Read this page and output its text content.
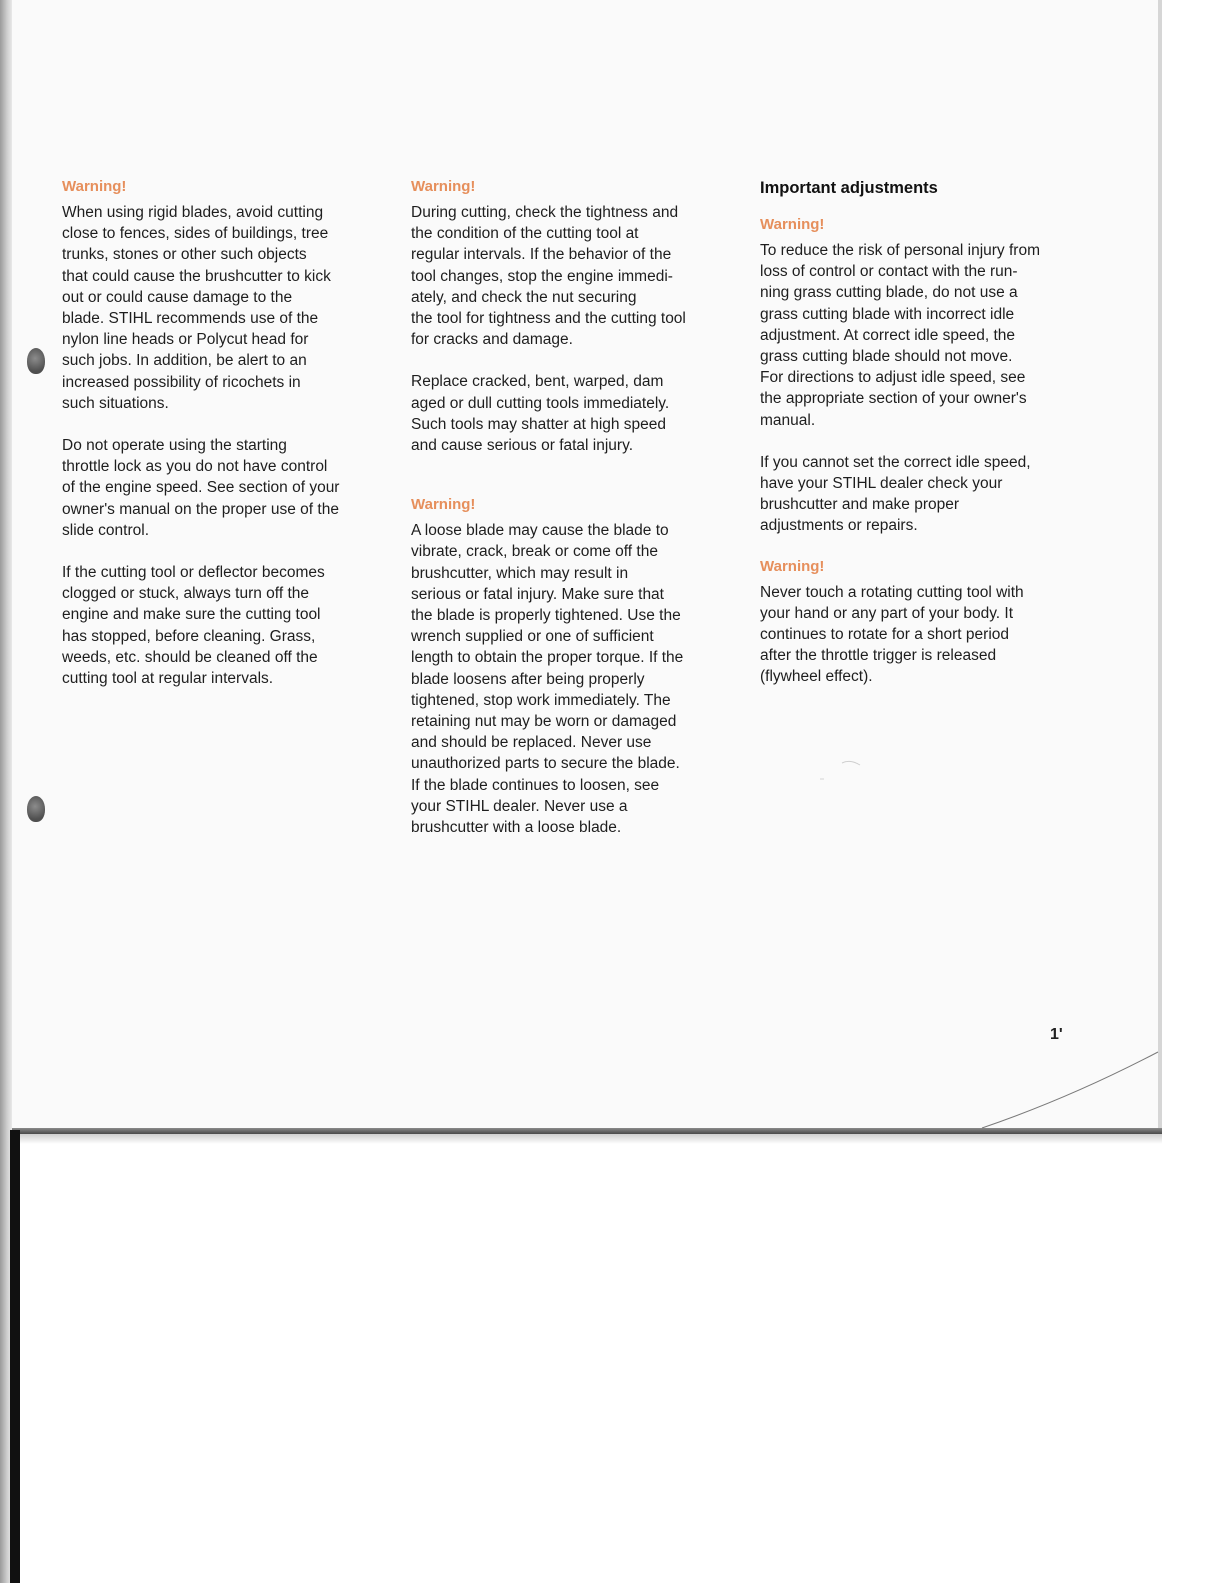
Warning!

When using rigid blades, avoid cutting
close to fences, sides of buildings, tree
trunks, stones or other such objects
that could cause the brushcutter to kick
out or could cause damage to the
blade. STIHL recommends use of the
nylon line heads or Polycut head for
such jobs. In addition, be alert to an
increased possibility of ricochets in
such situations.

Do not operate using the starting
throttle lock as you do not have control
of the engine speed. See section of your
owner's manual on the proper use of the
slide control.

If the cutting tool or deflector becomes
clogged or stuck, always turn off the
engine and make sure the cutting tool
has stopped, before cleaning. Grass,
weeds, etc. should be cleaned off the
cutting tool at regular intervals.

Warning!

During cutting, check the tightness and
the condition of the cutting tool at
regular intervals. If the behavior of the
tool changes, stop the engine immedi-
ately, and check the nut securing
the tool for tightness and the cutting tool
for cracks and damage.

Replace cracked, bent, warped, dam
aged or dull cutting tools immediately.
Such tools may shatter at high speed
and cause serious or fatal injury.

Warning!

A loose blade may cause the blade to
vibrate, crack, break or come off the
brushcutter, which may result in
serious or fatal injury. Make sure that
the blade is properly tightened. Use the
wrench supplied or one of sufficient
length to obtain the proper torque. If the
blade loosens after being properly
tightened, stop work immediately. The
retaining nut may be worn or damaged
and should be replaced. Never use
unauthorized parts to secure the blade.
If the blade continues to loosen, see
your STIHL dealer. Never use a
brushcutter with a loose blade.

Important adjustments
Warning!

To reduce the risk of personal injury from
loss of control or contact with the run-
ning grass cutting blade, do not use a
grass cutting blade with incorrect idle
adjustment. At correct idle speed, the
grass cutting blade should not move.
For directions to adjust idle speed, see
the appropriate section of your owner's
manual.

If you cannot set the correct idle speed,
have your STIHL dealer check your
brushcutter and make proper
adjustments or repairs.

Warning!

Never touch a rotating cutting tool with
your hand or any part of your body. It
continues to rotate for a short period
after the throttle trigger is released
(flywheel effect).

1'
